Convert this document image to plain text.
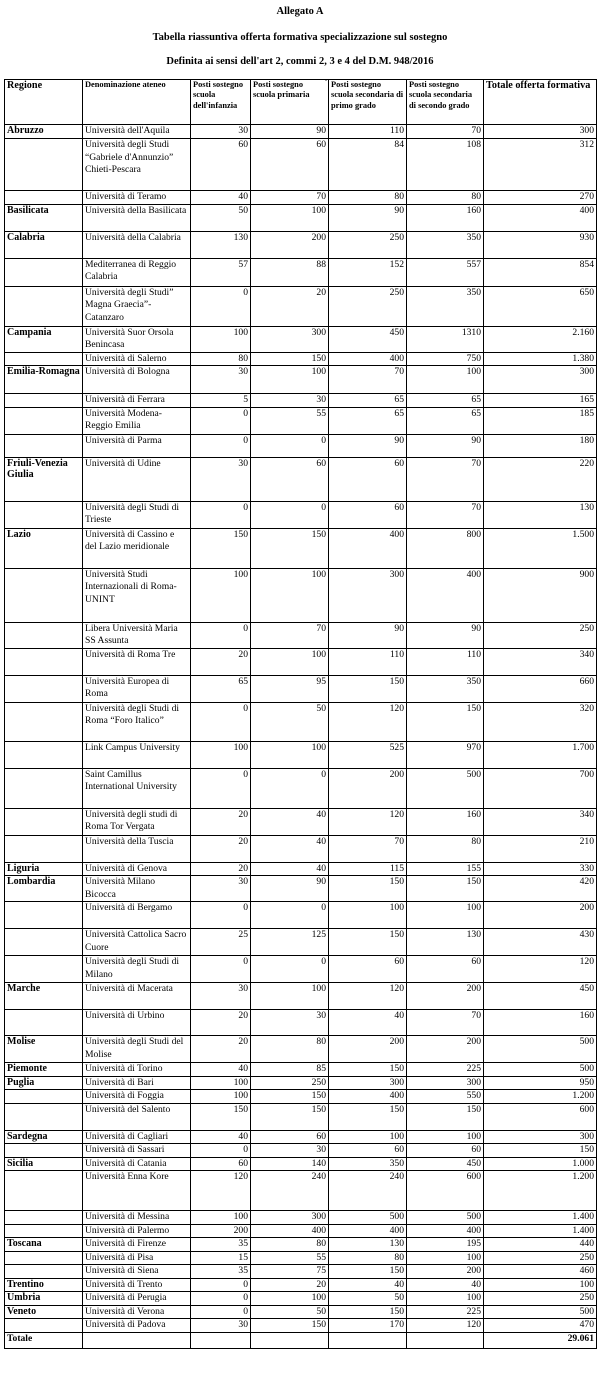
Allegato A

Tabella riassuntiva offerta formativa specializzazione sul sostegno

Definita ai sensi dell'art 2, commi 2, 3 e 4 del D.M. 948/2016

.
Regione	Denominazione ateneo	Posti sostegno scuola dell'infanzia	Posti sostegno scuola primaria	Posti sostegno scuola secondaria di primo grado	Posti sostegno scuola secondaria di secondo grado	Totale offerta formativa
Abruzzo	Università dell'Aquila	30	90	110	70	300
	Università degli Studi “Gabriele d'Annunzio” Chieti-Pescara	60	60	84	108	312
	Università di Teramo	40	70	80	80	270
Basilicata	Università della Basilicata	50	100	90	160	400
Calabria	Università della Calabria	130	200	250	350	930
	Mediterranea di Reggio Calabria	57	88	152	557	854
	Università degli Studi” Magna Graecia”-Catanzaro	0	20	250	350	650
Campania	Università Suor Orsola Benincasa	100	300	450	1310	2.160
	Università di Salerno	80	150	400	750	1.380
Emilia-Romagna	Università di Bologna	30	100	70	100	300
	Università di Ferrara	5	30	65	65	165
	Università Modena-Reggio Emilia	0	55	65	65	185
	Università di Parma	0	0	90	90	180
Friuli-Venezia Giulia	Università di Udine	30	60	60	70	220
	Università degli Studi di Trieste	0	0	60	70	130
Lazio	Università di Cassino e del Lazio meridionale	150	150	400	800	1.500
	Università Studi Internazionali di Roma-UNINT	100	100	300	400	900
	Libera Università Maria SS Assunta	0	70	90	90	250
	Università di Roma Tre	20	100	110	110	340
	Università Europea di Roma	65	95	150	350	660
	Università degli Studi di Roma “Foro Italico”	0	50	120	150	320
	Link Campus University	100	100	525	970	1.700
	Saint Camillus International University	0	0	200	500	700
	Università degli studi di Roma Tor Vergata	20	40	120	160	340
	Università della Tuscia	20	40	70	80	210
Liguria	Università di Genova	20	40	115	155	330
Lombardia	Università Milano Bicocca	30	90	150	150	420
	Università di Bergamo	0	0	100	100	200
	Università Cattolica Sacro Cuore	25	125	150	130	430
	Università degli Studi di Milano	0	0	60	60	120
Marche	Università di Macerata	30	100	120	200	450
	Università di Urbino	20	30	40	70	160
Molise	Università degli Studi del Molise	20	80	200	200	500
Piemonte	Università di Torino	40	85	150	225	500
Puglia	Università di Bari	100	250	300	300	950
	Università di Foggia	100	150	400	550	1.200
	Università del Salento	150	150	150	150	600
Sardegna	Università di Cagliari	40	60	100	100	300
	Università di Sassari	0	30	60	60	150
Sicilia	Università di Catania	60	140	350	450	1.000
	Università Enna Kore	120	240	240	600	1.200
	Università di Messina	100	300	500	500	1.400
	Università di Palermo	200	400	400	400	1.400
Toscana	Università di Firenze	35	80	130	195	440
	Università di Pisa	15	55	80	100	250
	Università di Siena	35	75	150	200	460
Trentino	Università di Trento	0	20	40	40	100
Umbria	Università di Perugia	0	100	50	100	250
Veneto	Università di Verona	0	50	150	225	500
	Università di Padova	30	150	170	120	470
Totale						29.061
